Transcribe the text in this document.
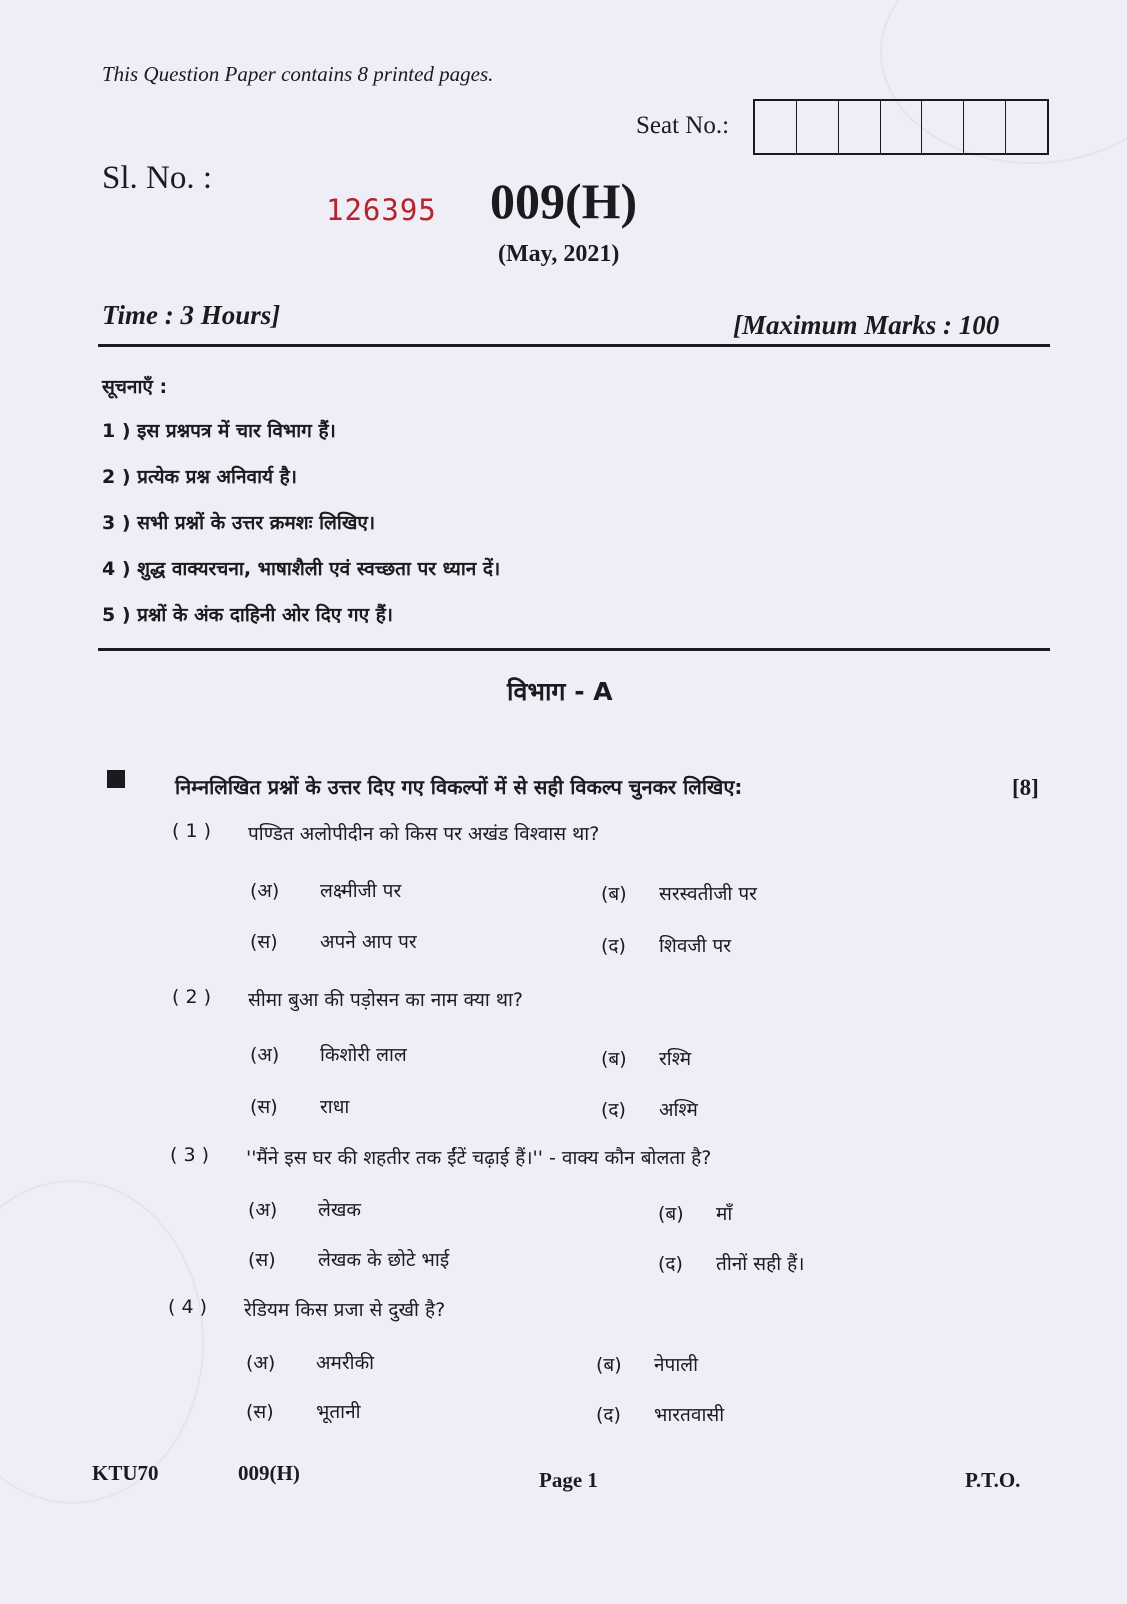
This Question Paper contains 8 printed pages.
Seat No.:
Sl. No. :
126395 009(H)
(May, 2021)
Time : 3 Hours]	[Maximum Marks : 100
सूचनाएँ :
1 ) इस प्रश्नपत्र में चार विभाग हैं।
2 ) प्रत्येक प्रश्न अनिवार्य है।
3 ) सभी प्रश्नों के उत्तर क्रमशः लिखिए।
4 ) शुद्ध वाक्यरचना, भाषाशैली एवं स्वच्छता पर ध्यान दें।
5 ) प्रश्नों के अंक दाहिनी ओर दिए गए हैं।
विभाग - A
निम्नलिखित प्रश्नों के उत्तर दिए गए विकल्पों में से सही विकल्प चुनकर लिखिए:	[8]
( 1 ) पण्डित अलोपीदीन को किस पर अखंड विश्वास था?
(अ) लक्ष्मीजी पर	(ब) सरस्वतीजी पर
(स) अपने आप पर	(द) शिवजी पर
( 2 ) सीमा बुआ की पड़ोसन का नाम क्या था?
(अ) किशोरी लाल	(ब) रश्मि
(स) राधा	(द) अश्मि
( 3 ) ''मैंने इस घर की शहतीर तक ईंटें चढ़ाई हैं।'' - वाक्य कौन बोलता है?
(अ) लेखक	(ब) माँ
(स) लेखक के छोटे भाई	(द) तीनों सही हैं।
( 4 ) रेडियम किस प्रजा से दुखी है?
(अ) अमरीकी	(ब) नेपाली
(स) भूतानी	(द) भारतवासी
KTU70	009(H)	Page 1	P.T.O.
